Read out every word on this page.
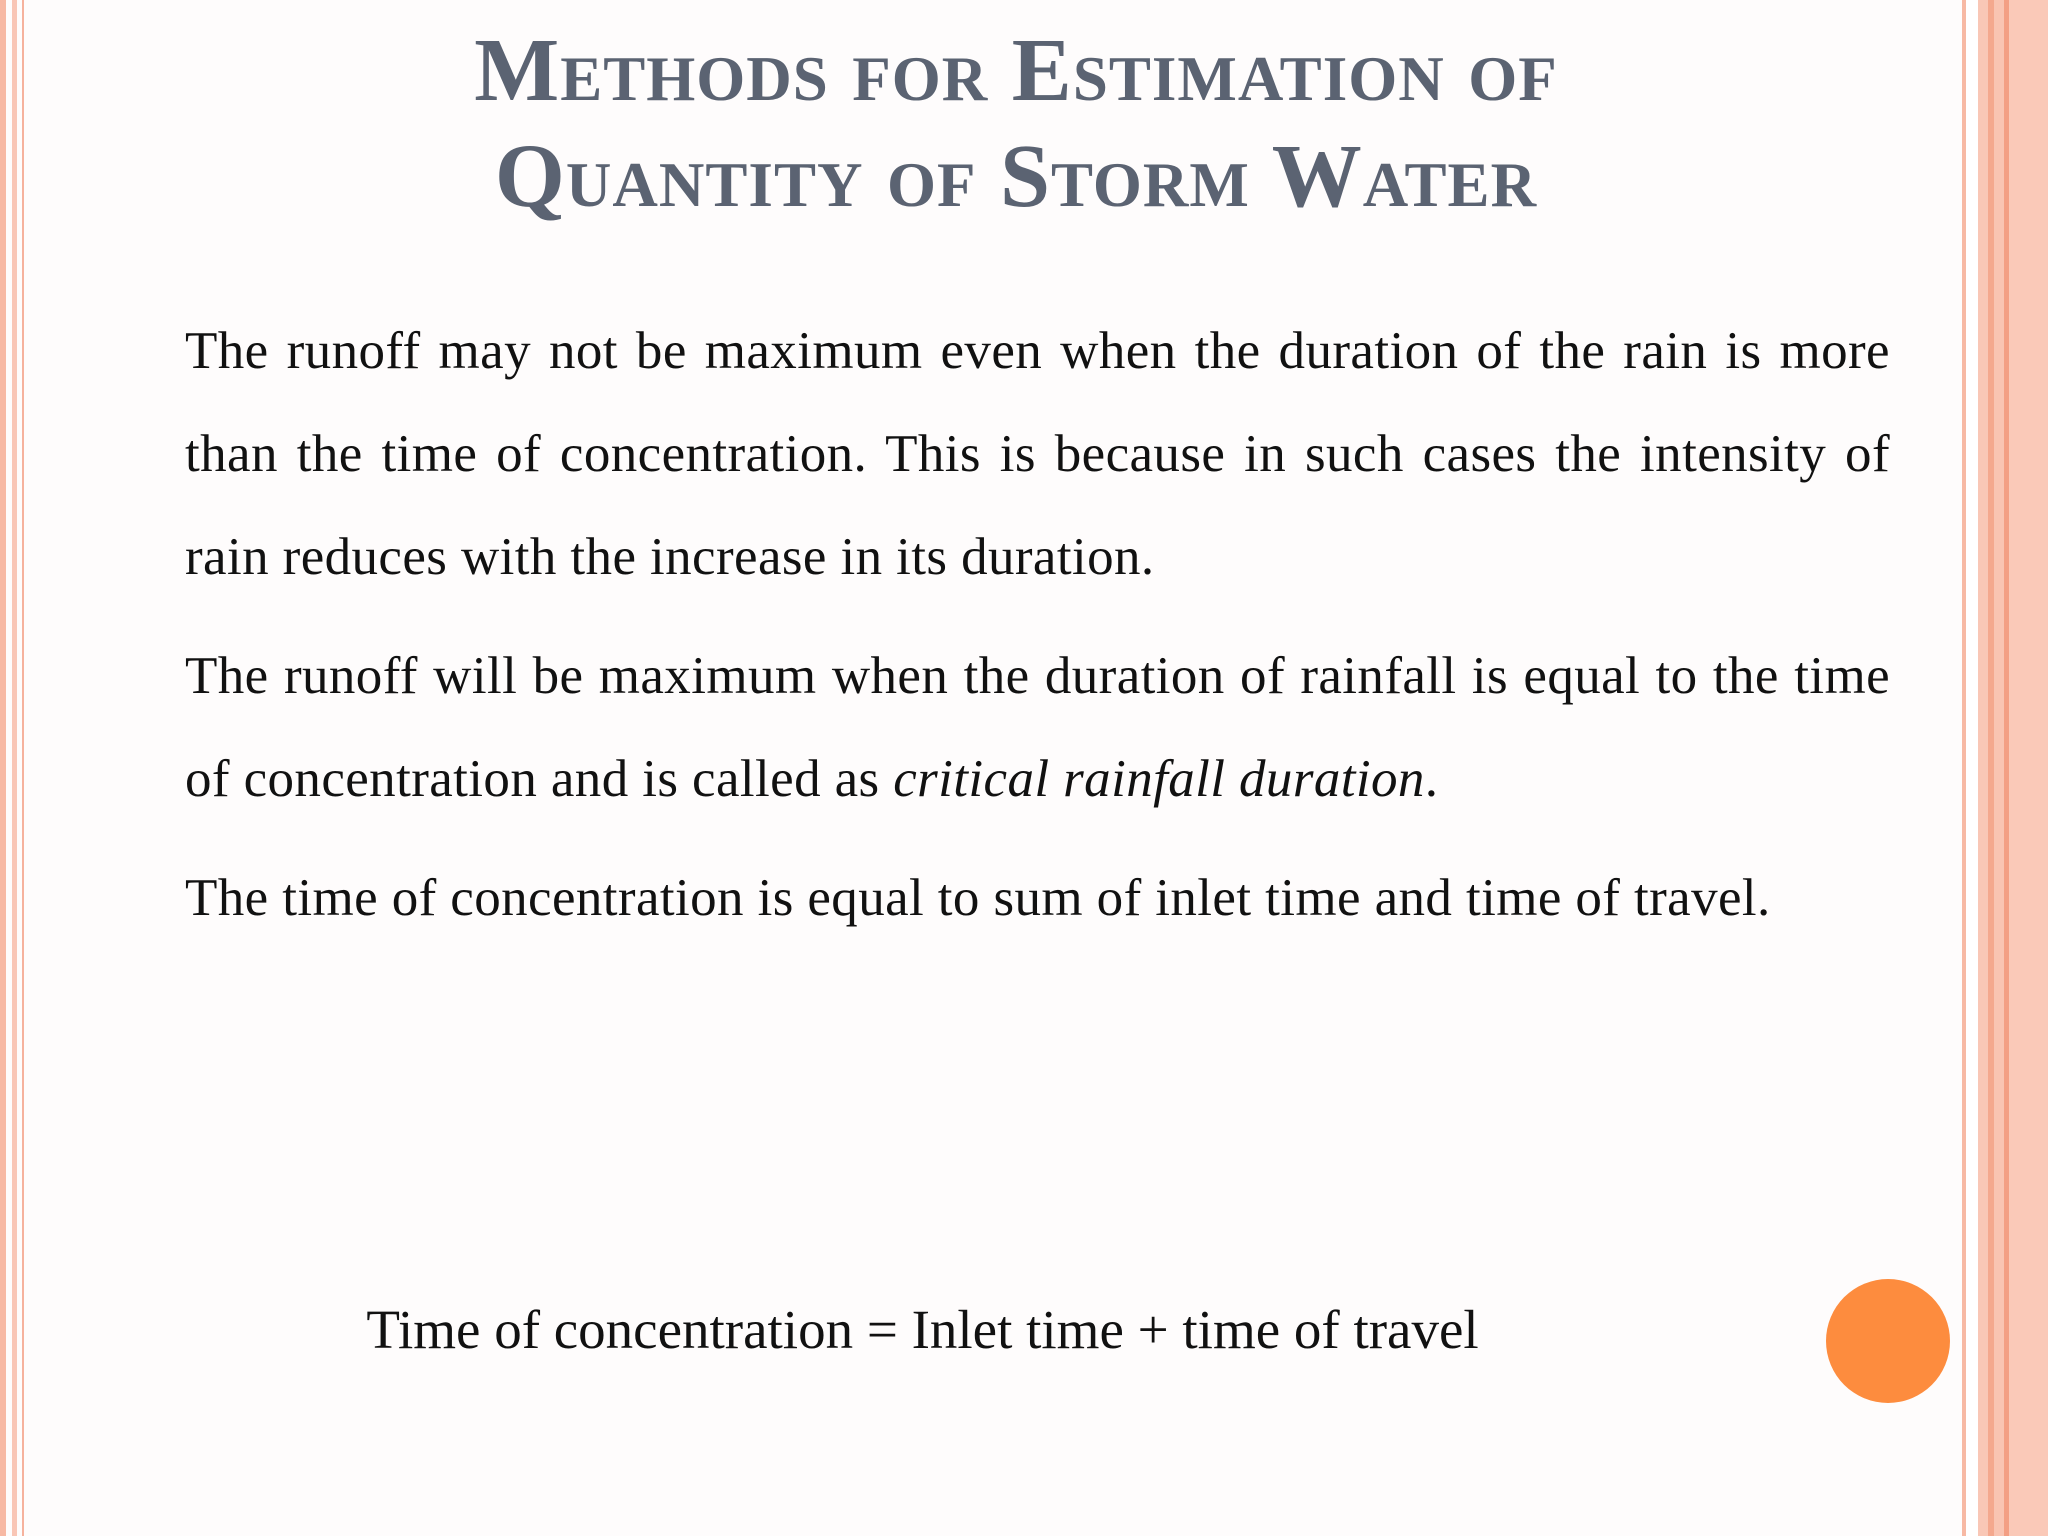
Methods for Estimation of
Quantity of Storm Water

The runoff may not be maximum even when the duration of the rain is more than the time of concentration. This is because in such cases the intensity of rain reduces with the increase in its duration.

The runoff will be maximum when the duration of rainfall is equal to the time of concentration and is called as critical rainfall duration.

The time of concentration is equal to sum of inlet time and time of travel.

Time of concentration = Inlet time + time of travel
